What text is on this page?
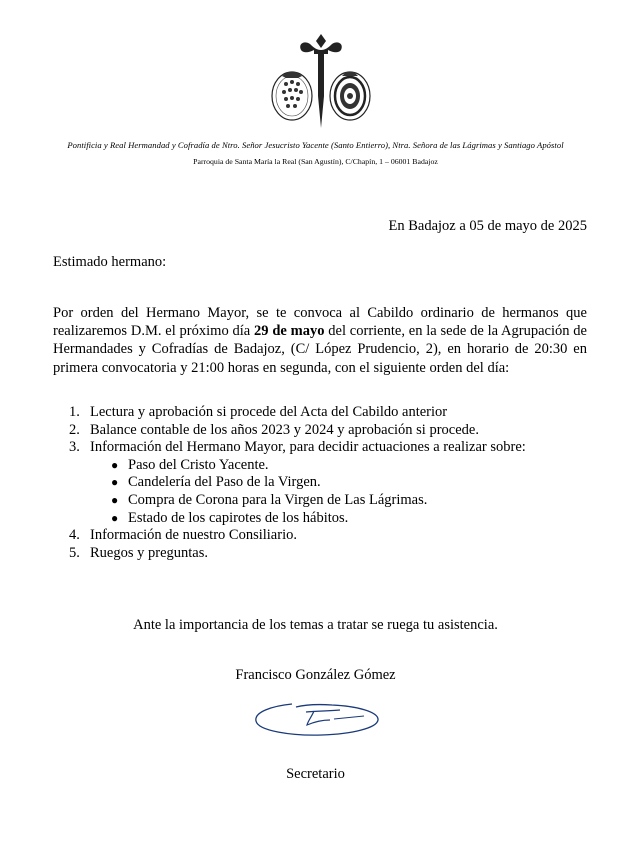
Pontificia y Real Hermandad y Cofradía de Ntro. Señor Jesucristo Yacente (Santo Entierro), Ntra. Señora de las Lágrimas y Santiago Apóstol
Parroquia de Santa María la Real (San Agustín), C/Chapín, 1 – 06001 Badajoz
En Badajoz a 05 de mayo de 2025
Estimado hermano:
Por orden del Hermano Mayor, se te convoca al Cabildo ordinario de hermanos que realizaremos D.M. el próximo día 29 de mayo del corriente, en la sede de la Agrupación de Hermandades y Cofradías de Badajoz, (C/ López Prudencio, 2), en horario de 20:30 en primera convocatoria y 21:00 horas en segunda, con el siguiente orden del día:
1. Lectura y aprobación si procede del Acta del Cabildo anterior
2. Balance contable de los años 2023 y 2024 y aprobación si procede.
3. Información del Hermano Mayor, para decidir actuaciones a realizar sobre:
● Paso del Cristo Yacente.
● Candelería del Paso de la Virgen.
● Compra de Corona para la Virgen de Las Lágrimas.
● Estado de los capirotes de los hábitos.
4. Información de nuestro Consiliario.
5. Ruegos y preguntas.
Ante la importancia de los temas a tratar se ruega tu asistencia.
Francisco González Gómez
Secretario
